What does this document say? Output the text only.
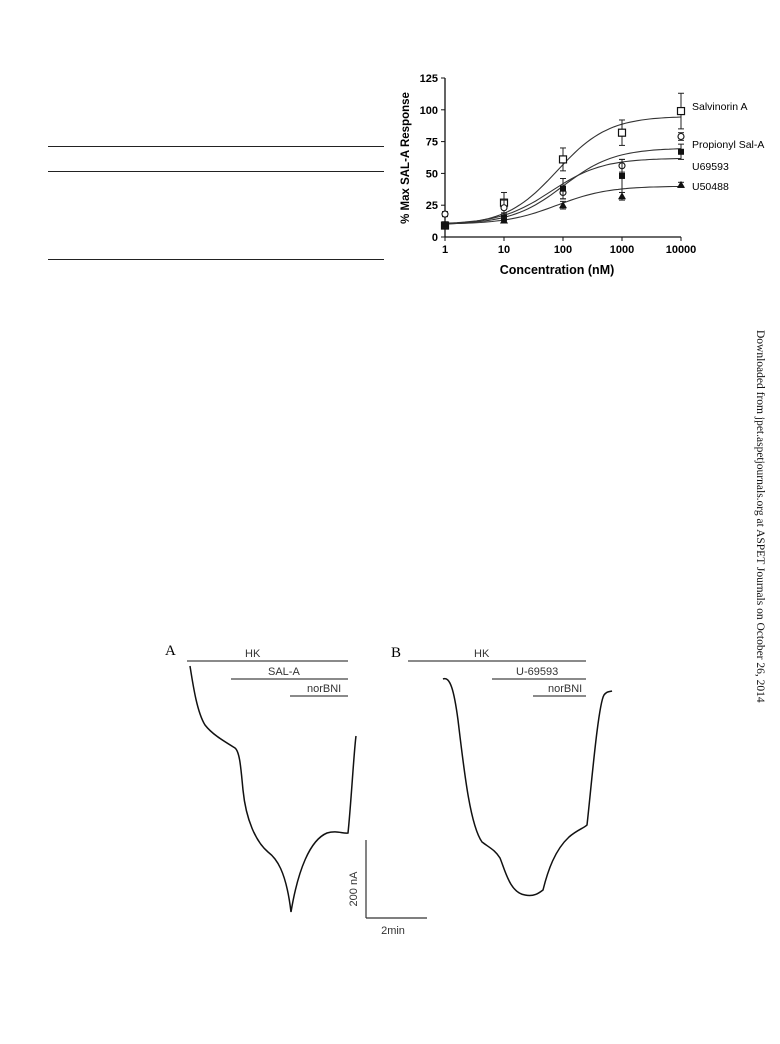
0
25
50
75
100
125
1	10	100	1000	10000
Salvinorin A
Propionyl Sal-A
U69593
U50488
Concentration (nM)
% Max SAL-A Response
A	HK
SAL-A
norBNI
B	HK
U-69593
norBNI
200 nA
2min
Downloaded from jpet.aspetjournals.org at ASPET Journals on October 26, 2014
